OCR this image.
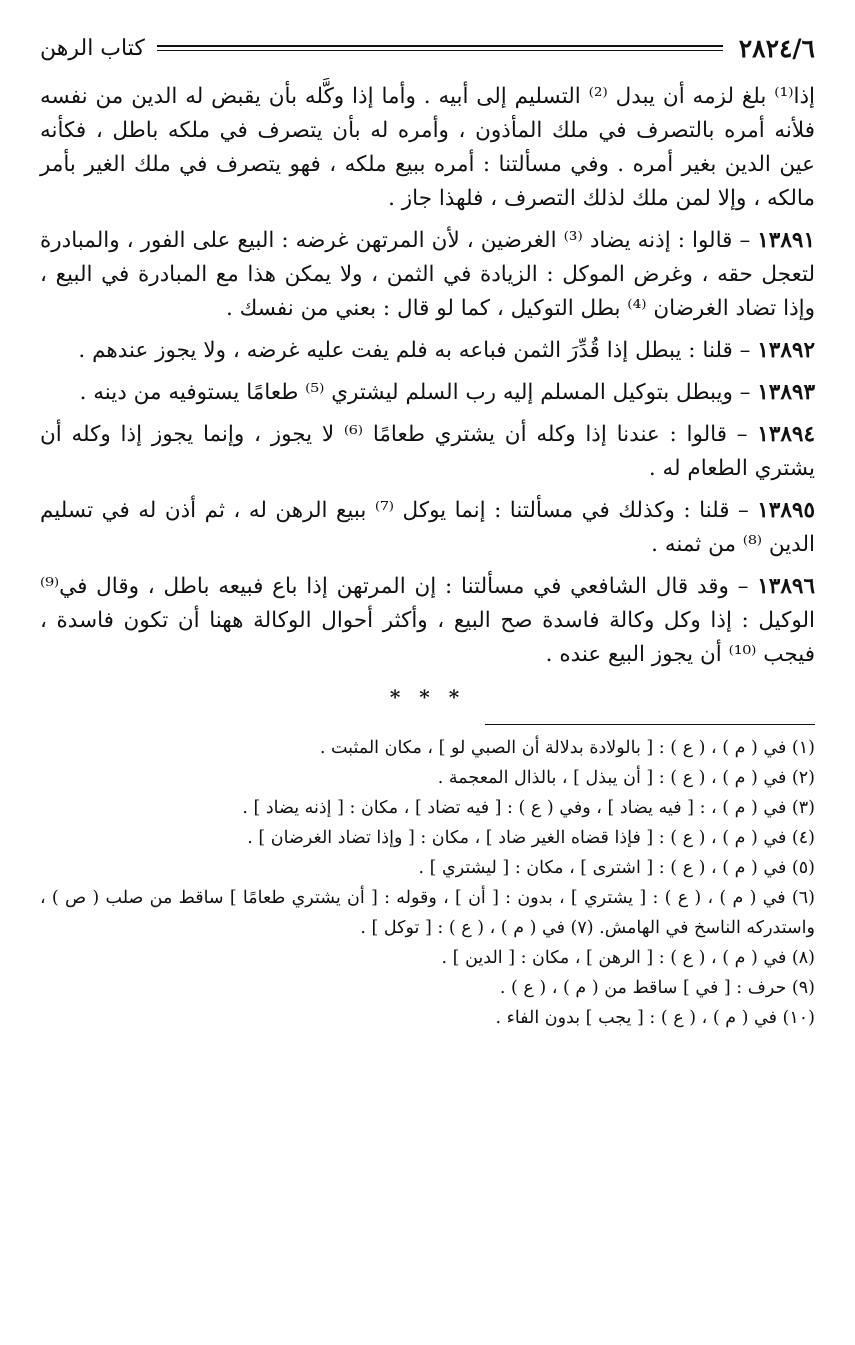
٢٨٢٤/٦
كتاب الرهن

إذا⁽¹⁾ بلغ لزمه أن يبدل ⁽²⁾ التسليم إلى أبيه . وأما إذا وكَّله بأن يقبض له الدين من نفسه فلأنه أمره بالتصرف في ملك المأذون ، وأمره له بأن يتصرف في ملكه باطل ، فكأنه عين الدين بغير أمره . وفي مسألتنا : أمره ببيع ملكه ، فهو يتصرف في ملك الغير بأمر مالكه ، وإلا لمن ملك لذلك التصرف ، فلهذا جاز .

١٣٨٩١ – قالوا : إذنه يضاد ⁽³⁾ الغرضين ، لأن المرتهن غرضه : البيع على الفور ، والمبادرة لتعجل حقه ، وغرض الموكل : الزيادة في الثمن ، ولا يمكن هذا مع المبادرة في البيع ، وإذا تضاد الغرضان ⁽⁴⁾ بطل التوكيل ، كما لو قال : بعني من نفسك .

١٣٨٩٢ – قلنا : يبطل إذا قُدِّرَ الثمن فباعه به فلم يفت عليه غرضه ، ولا يجوز عندهم .

١٣٨٩٣ – ويبطل بتوكيل المسلم إليه رب السلم ليشتري ⁽⁵⁾ طعامًا يستوفيه من دينه .

١٣٨٩٤ – قالوا : عندنا إذا وكله أن يشتري طعامًا ⁽⁶⁾ لا يجوز ، وإنما يجوز إذا وكله أن يشتري الطعام له .

١٣٨٩٥ – قلنا : وكذلك في مسألتنا : إنما يوكل ⁽⁷⁾ ببيع الرهن له ، ثم أذن له في تسليم الدين ⁽⁸⁾ من ثمنه .

١٣٨٩٦ – وقد قال الشافعي في مسألتنا : إن المرتهن إذا باع فبيعه باطل ، وقال في⁽⁹⁾ الوكيل : إذا وكل وكالة فاسدة صح البيع ، وأكثر أحوال الوكالة ههنا أن تكون فاسدة ، فيجب ⁽¹⁰⁾ أن يجوز البيع عنده .

* * *

(١) في ( م ) ، ( ع ) : [ بالولادة بدلالة أن الصبي لو ] ، مكان المثبت .

(٢) في ( م ) ، ( ع ) : [ أن يبذل ] ، بالذال المعجمة .

(٣) في ( م ) ، : [ فيه يضاد ] ، وفي ( ع ) : [ فيه تضاد ] ، مكان : [ إذنه يضاد ] .

(٤) في ( م ) ، ( ع ) : [ فإذا قضاه الغير ضاد ] ، مكان : [ وإذا تضاد الغرضان ] .

(٥) في ( م ) ، ( ع ) : [ اشترى ] ، مكان : [ ليشتري ] .

(٦) في ( م ) ، ( ع ) : [ يشتري ] ، بدون : [ أن ] ، وقوله : [ أن يشتري طعامًا ] ساقط من صلب ( ص ) ، واستدركه الناسخ في الهامش. (٧) في ( م ) ، ( ع ) : [ توكل ] .

(٨) في ( م ) ، ( ع ) : [ الرهن ] ، مكان : [ الدين ] .

(٩) حرف : [ في ] ساقط من ( م ) ، ( ع ) .

(١٠) في ( م ) ، ( ع ) : [ يجب ] بدون الفاء .
